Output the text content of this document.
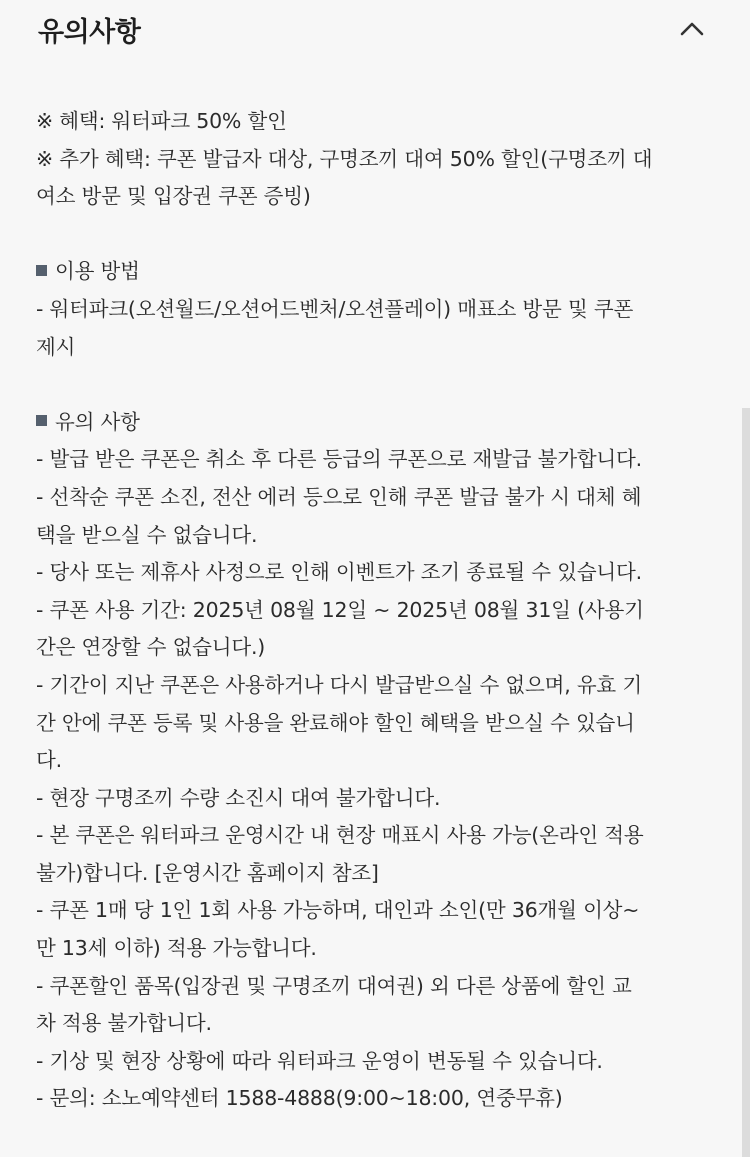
유의사항
※ 혜택: 워터파크 50% 할인
※ 추가 혜택: 쿠폰 발급자 대상, 구명조끼 대여 50% 할인(구명조끼 대
여소 방문 및 입장권 쿠폰 증빙)
이용 방법
- 워터파크(오션월드/오션어드벤처/오션플레이) 매표소 방문 및 쿠폰
제시
유의 사항
- 발급 받은 쿠폰은 취소 후 다른 등급의 쿠폰으로 재발급 불가합니다.
- 선착순 쿠폰 소진, 전산 에러 등으로 인해 쿠폰 발급 불가 시 대체 혜
택을 받으실 수 없습니다.
- 당사 또는 제휴사 사정으로 인해 이벤트가 조기 종료될 수 있습니다.
- 쿠폰 사용 기간: 2025년 08월 12일 ~ 2025년 08월 31일 (사용기
간은 연장할 수 없습니다.)
- 기간이 지난 쿠폰은 사용하거나 다시 발급받으실 수 없으며, 유효 기
간 안에 쿠폰 등록 및 사용을 완료해야 할인 혜택을 받으실 수 있습니
다.
- 현장 구명조끼 수량 소진시 대여 불가합니다.
- 본 쿠폰은 워터파크 운영시간 내 현장 매표시 사용 가능(온라인 적용
불가)합니다. [운영시간 홈페이지 참조]
- 쿠폰 1매 당 1인 1회 사용 가능하며, 대인과 소인(만 36개월 이상~
만 13세 이하) 적용 가능합니다.
- 쿠폰할인 품목(입장권 및 구명조끼 대여권) 외 다른 상품에 할인 교
차 적용 불가합니다.
- 기상 및 현장 상황에 따라 워터파크 운영이 변동될 수 있습니다.
- 문의: 소노예약센터 1588-4888(9:00~18:00, 연중무휴)
